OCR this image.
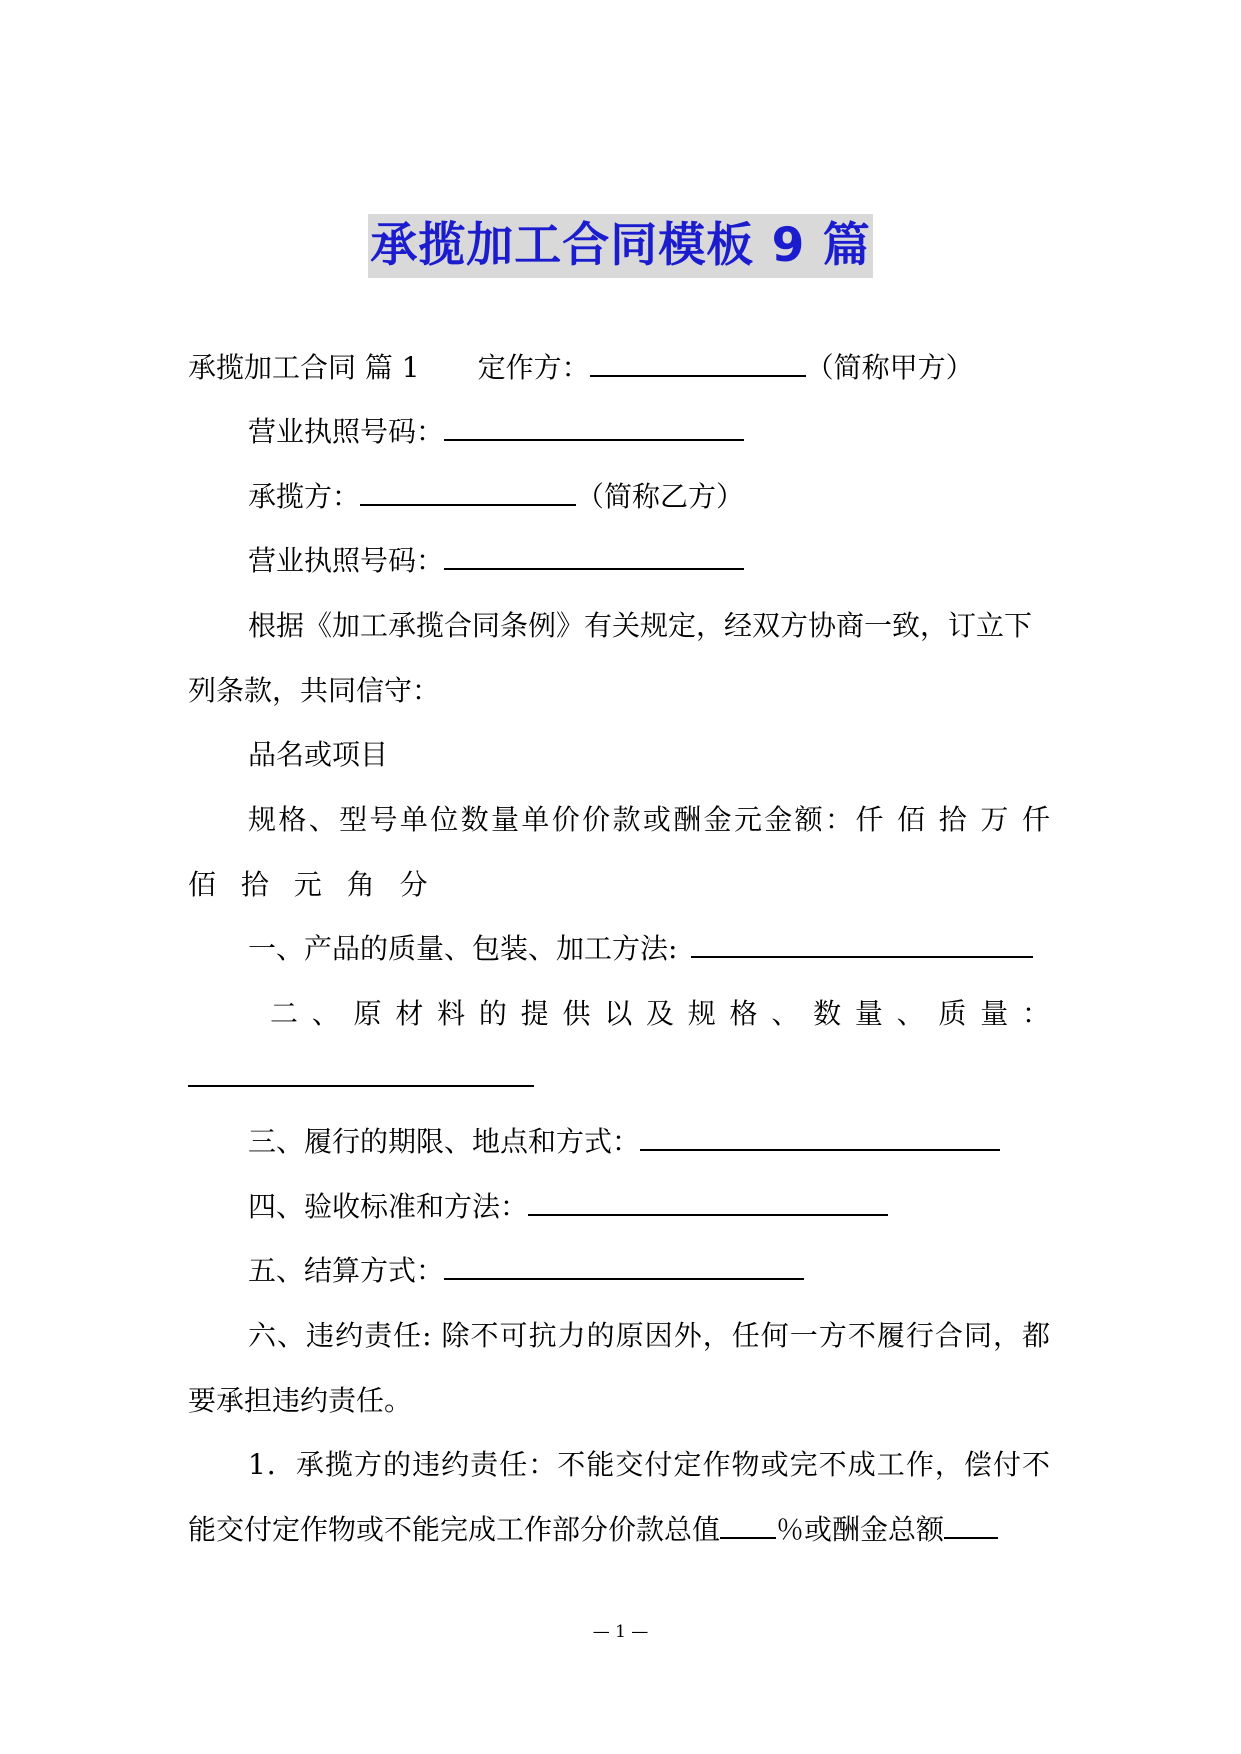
承揽加工合同模板 9 篇
承揽加工合同 篇 1 定作方：	（简称甲方）
营业执照号码：
承揽方：	（简称乙方）
营业执照号码：
根据《加工承揽合同条例》有关规定，经双方协商一致，订立下
列条款，共同信守：
品名或项目
规格、型号单位数量单价价款或酬金元金额：仟 佰 拾 万 仟
佰 拾 元 角 分
一、产品的质量、包装、加工方法:
二、原材料的提供以及规格、数量、质量：
三、履行的期限、地点和方式：
四、验收标准和方法：
五、结算方式：
六、违约责任: 除不可抗力的原因外，任何一方不履行合同，都
要承担违约责任。
1．承揽方的违约责任：不能交付定作物或完不成工作，偿付不
能交付定作物或不能完成工作部分价款总值 ％或酬金总额
— 1 —
